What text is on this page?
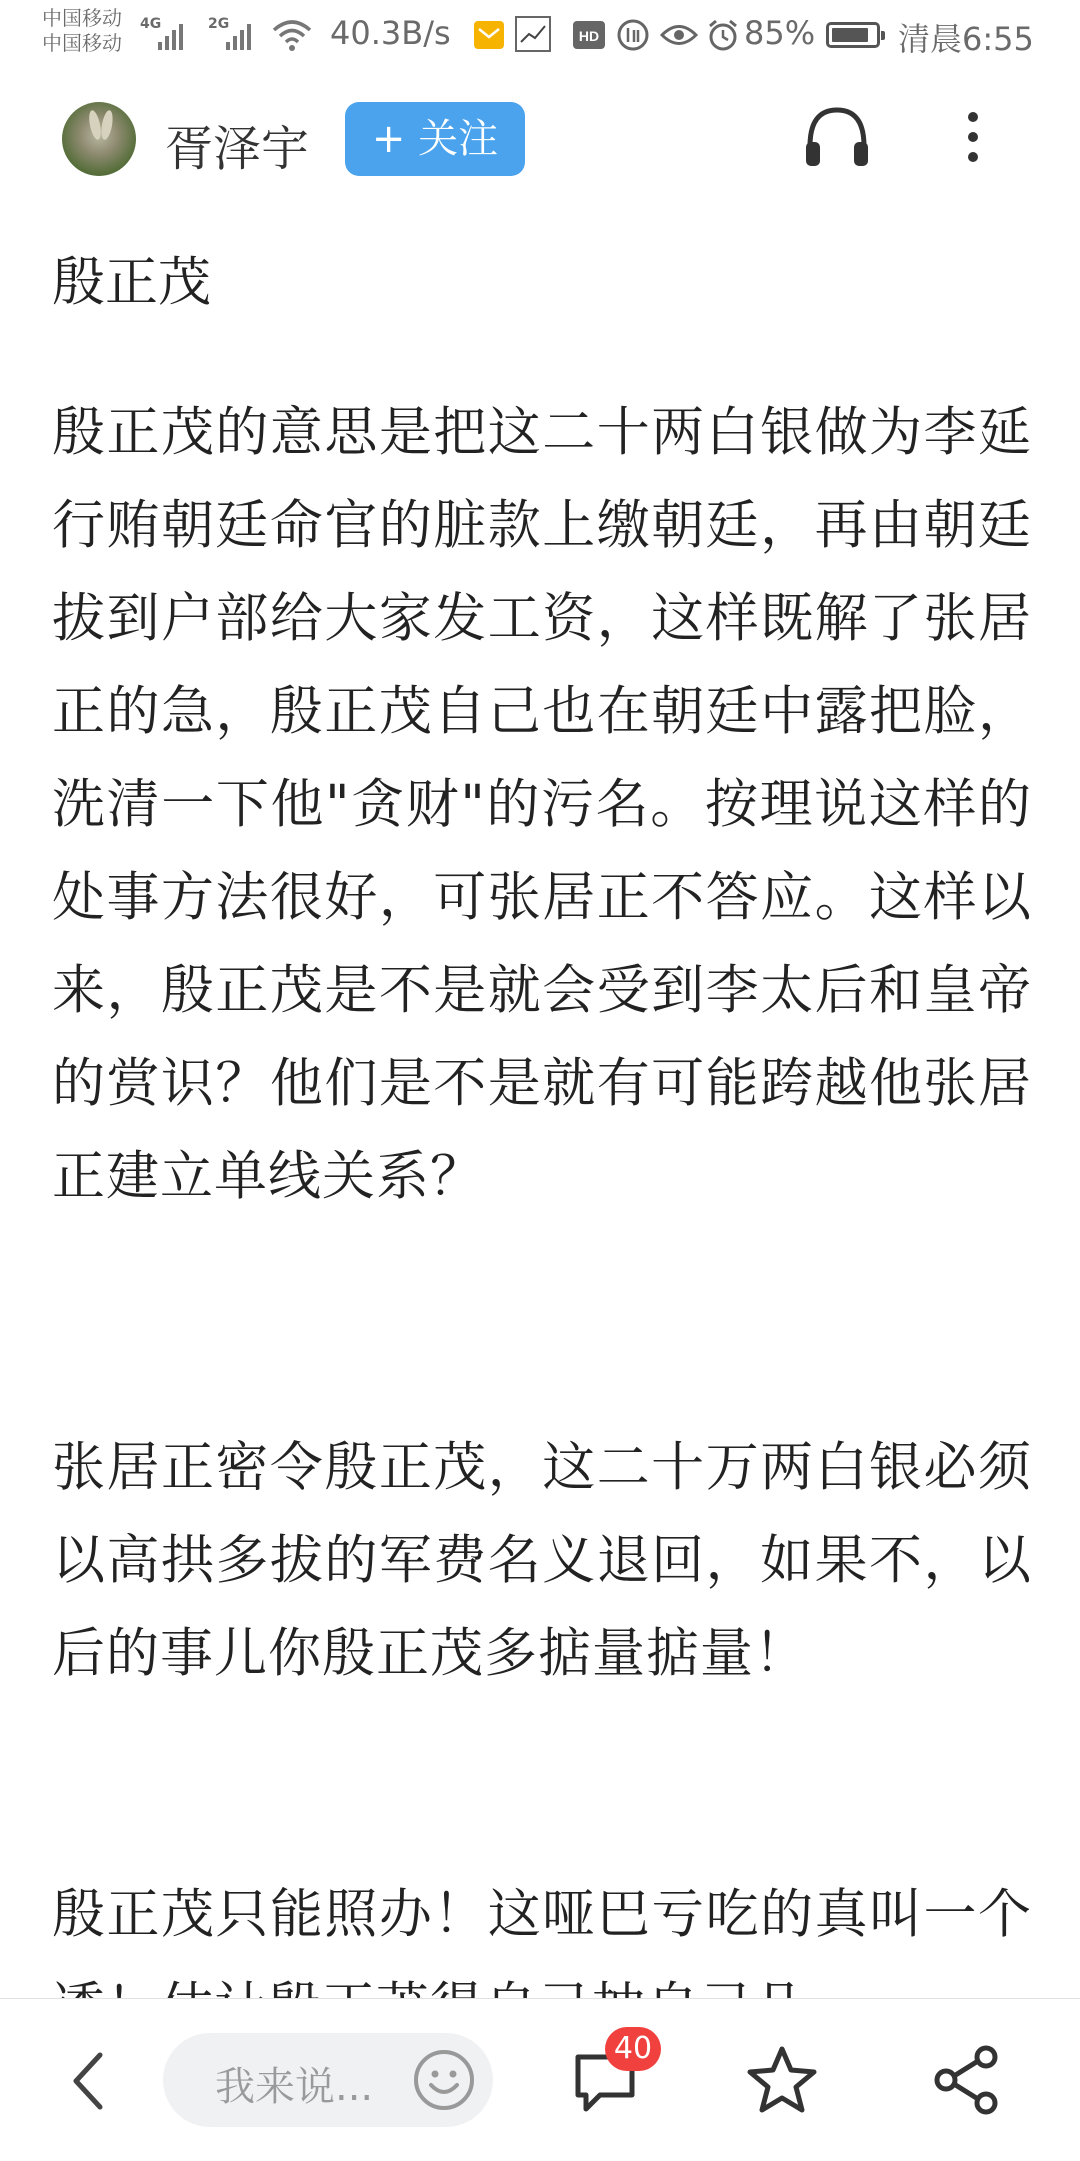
中国移动
中国移动
4G	2G	40.3B/s	HD	85%	清晨6:55
胥泽宇	+ 关注
殷正茂

殷正茂的意思是把这二十两白银做为李延行贿朝廷命官的脏款上缴朝廷，再由朝廷拔到户部给大家发工资，这样既解了张居正的急，殷正茂自己也在朝廷中露把脸，洗清一下他"贪财"的污名。按理说这样的处事方法很好，可张居正不答应。这样以来，殷正茂是不是就会受到李太后和皇帝的赏识？他们是不是就有可能跨越他张居正建立单线关系？

张居正密令殷正茂，这二十万两白银必须以高拱多拔的军费名义退回，如果不，以后的事儿你殷正茂多掂量掂量！

殷正茂只能照办！这哑巴亏吃的真叫一个

我来说...
40
